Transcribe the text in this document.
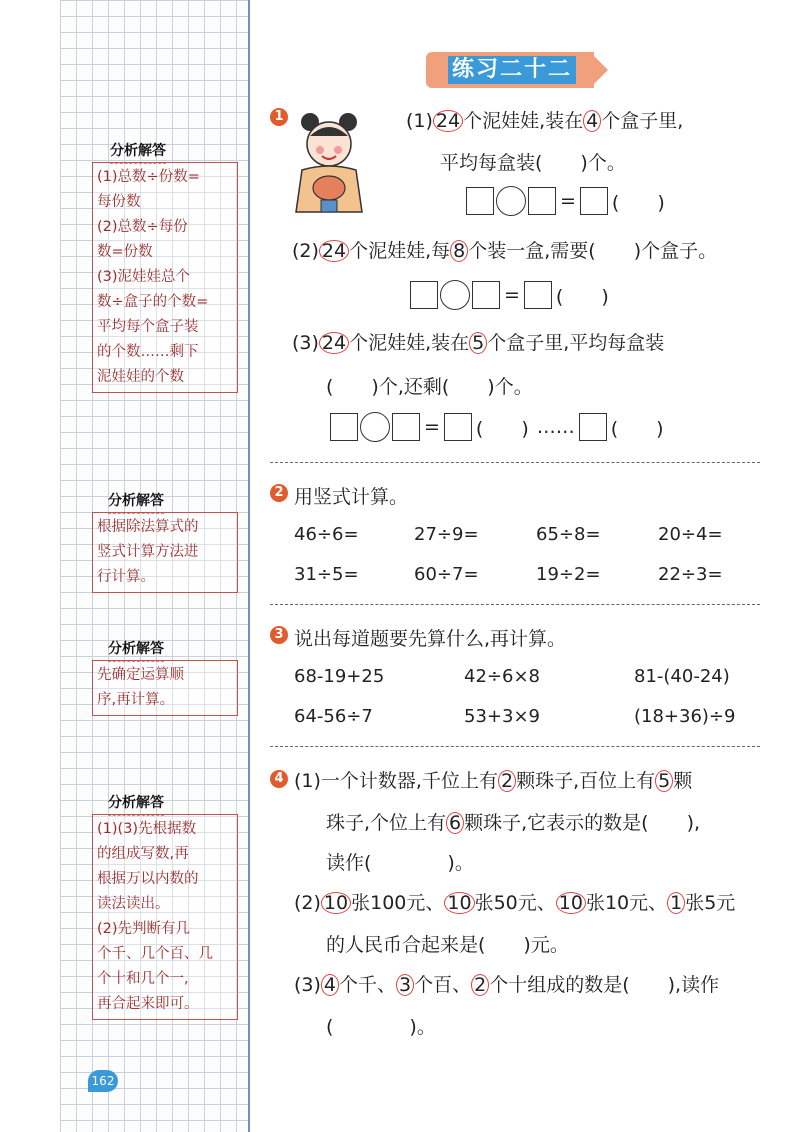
分析解答
(1)总数÷份数=
每份数
(2)总数÷每份
数=份数
(3)泥娃娃总个
数÷盒子的个数=
平均每个盒子装
的个数……剩下
泥娃娃的个数
分析解答
根据除法算式的
竖式计算方法进
行计算。
分析解答
先确定运算顺
序,再计算。
分析解答
(1)(3)先根据数
的组成写数,再
根据万以内数的
读法读出。
(2)先判断有几
个千、几个百、几
个十和几个一,
再合起来即可。
162
练习二十二
1	(1) 24 个泥娃娃,装在 4 个盒子里,
平均每盒装(　　)个。
= (　　)
(2) 24 个泥娃娃,每 8 个装一盒,需要(　　)个盒子。
= (　　)
(3) 24 个泥娃娃,装在 5 个盒子里,平均每盒装
(　　)个,还剩(　　)个。
= (　　) …… (　　)
2 用竖式计算。
46÷6=	27÷9=	65÷8=	20÷4=
31÷5=	60÷7=	19÷2=	22÷3=
3 说出每道题要先算什么,再计算。
68-19+25	42÷6×8	81-(40-24)
64-56÷7	53+3×9	(18+36)÷9
4 (1)一个计数器,千位上有 2 颗珠子,百位上有 5 颗
珠子,个位上有 6 颗珠子,它表示的数是(　　),
读作(　　　　)。
(2) 10 张100元、 10 张50元、 10 张10元、 1 张5元
的人民币合起来是(　　)元。
(3) 4 个千、 3 个百、 2 个十组成的数是(　　),读作
(　　　　)。
